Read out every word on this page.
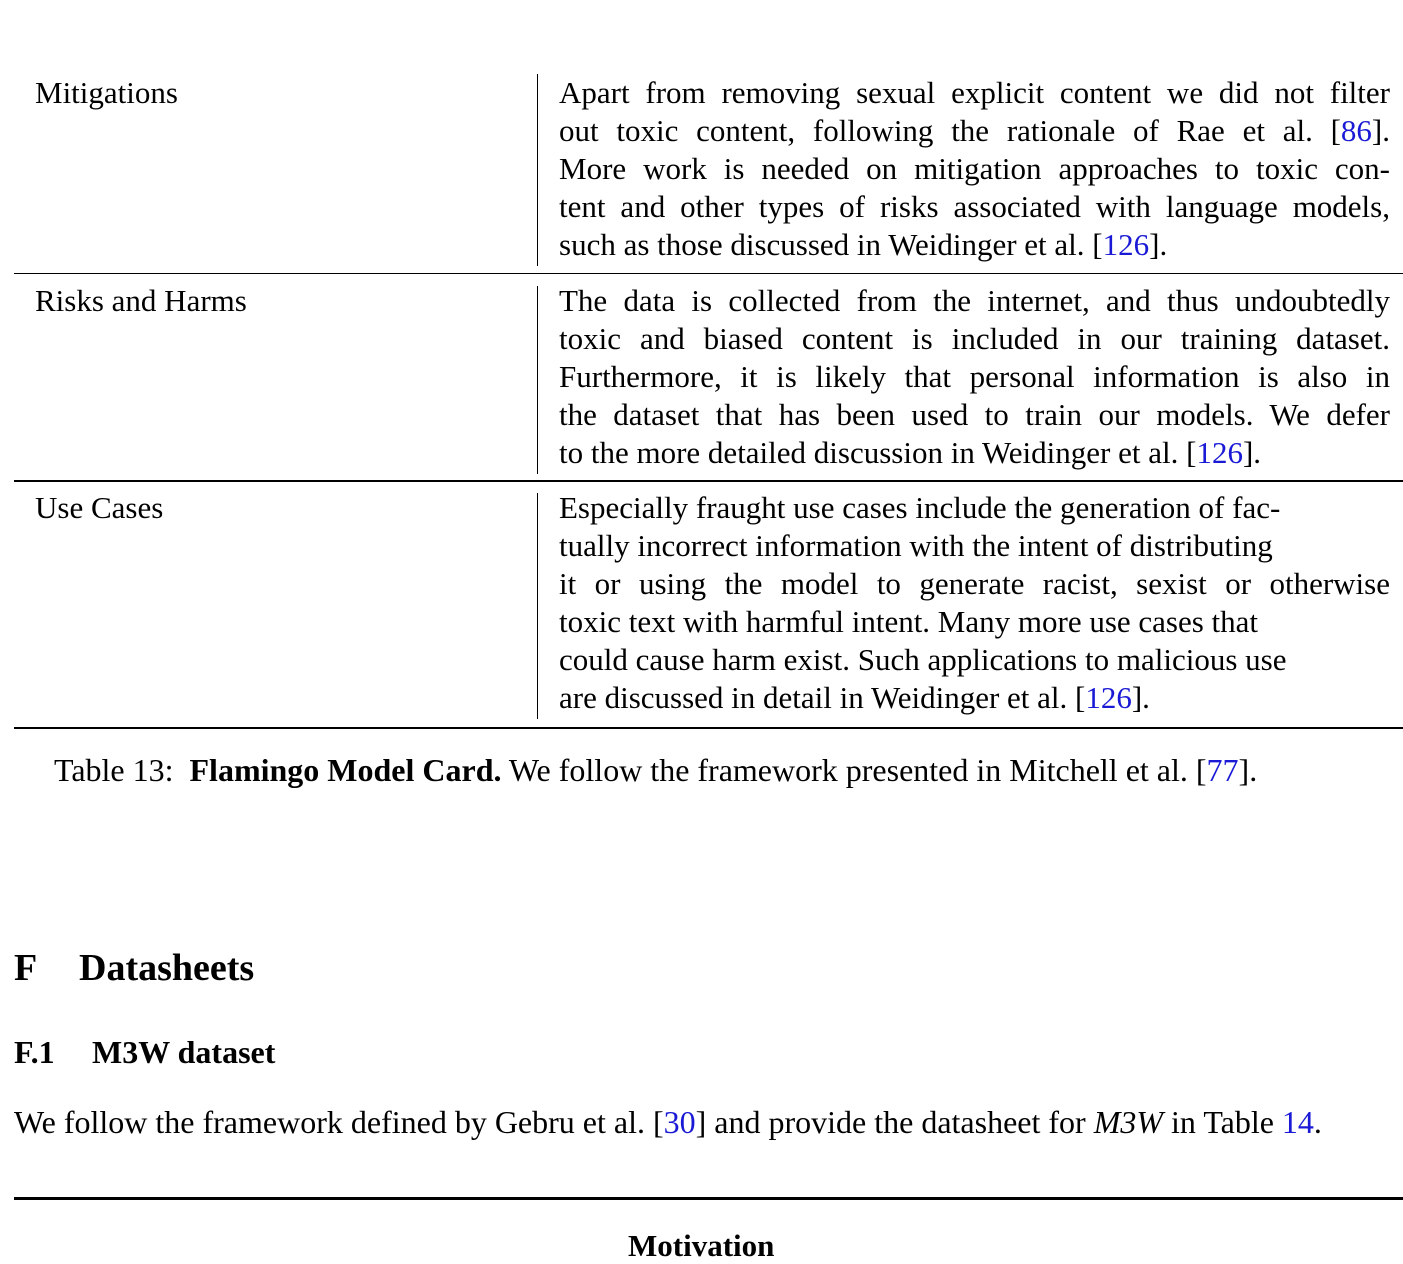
Mitigations	Apart from removing sexual explicit content we did not filter
out toxic content, following the rationale of Rae et al. [86].
More work is needed on mitigation approaches to toxic con-
tent and other types of risks associated with language models,
such as those discussed in Weidinger et al. [126].
Risks and Harms	The data is collected from the internet, and thus undoubtedly
toxic and biased content is included in our training dataset.
Furthermore, it is likely that personal information is also in
the dataset that has been used to train our models. We defer
to the more detailed discussion in Weidinger et al. [126].
Use Cases	Especially fraught use cases include the generation of fac-
tually incorrect information with the intent of distributing
it or using the model to generate racist, sexist or otherwise
toxic text with harmful intent. Many more use cases that
could cause harm exist. Such applications to malicious use
are discussed in detail in Weidinger et al. [126].
Table 13: Flamingo Model Card. We follow the framework presented in Mitchell et al. [77].
F Datasheets
F.1 M3W dataset
We follow the framework defined by Gebru et al. [30] and provide the datasheet for M3W in Table 14.
Motivation
